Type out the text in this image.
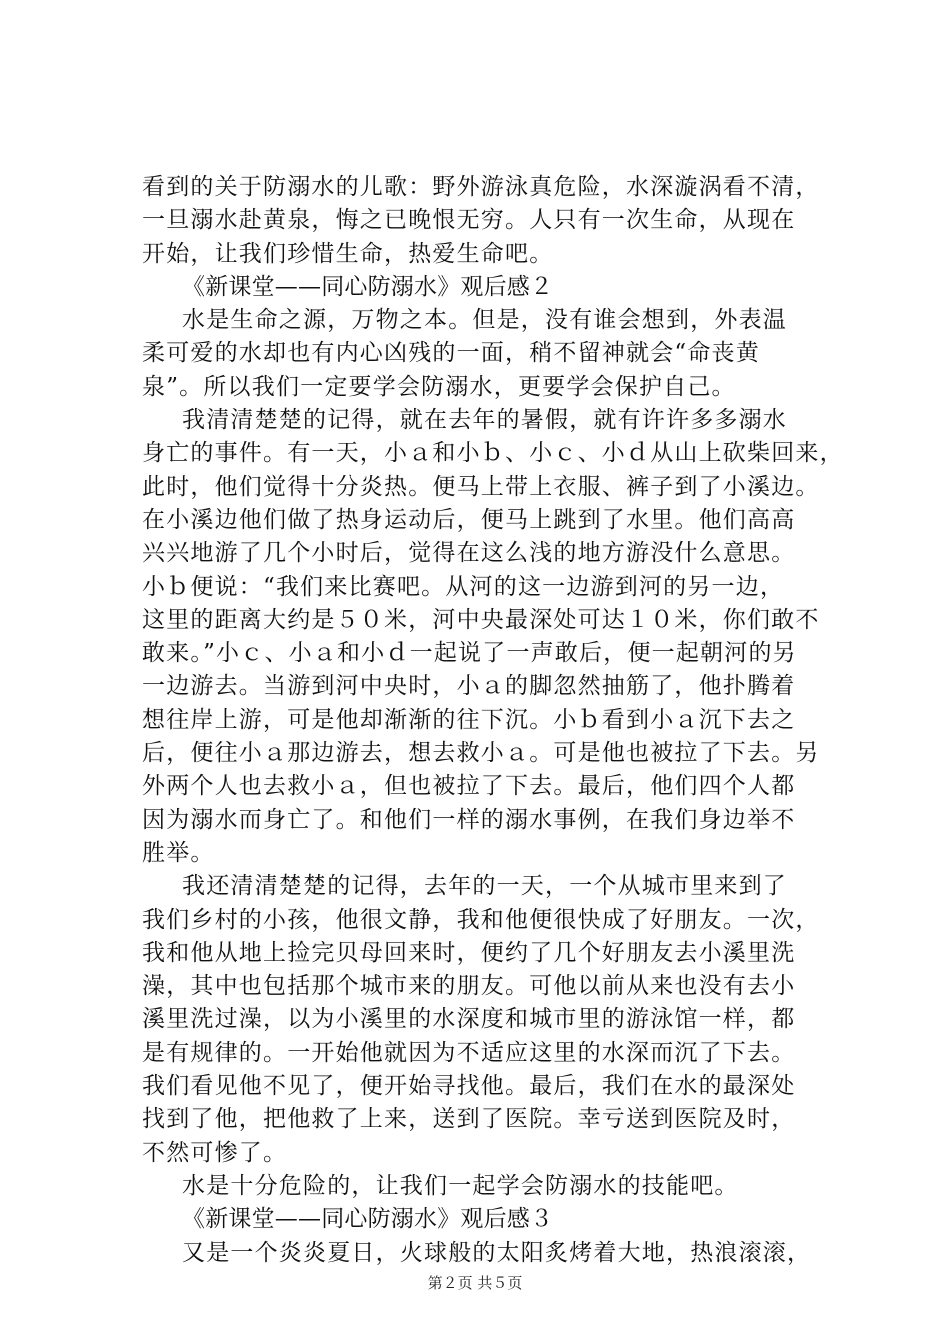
看到的关于防溺水的儿歌：野外游泳真危险，水深漩涡看不清，
一旦溺水赴黄泉，悔之已晚恨无穷。人只有一次生命，从现在
开始，让我们珍惜生命，热爱生命吧。
《新课堂——同心防溺水》观后感２
水是生命之源，万物之本。但是，没有谁会想到，外表温
柔可爱的水却也有内心凶残的一面，稍不留神就会“命丧黄
泉”。所以我们一定要学会防溺水，更要学会保护自己。
我清清楚楚的记得，就在去年的暑假，就有许许多多溺水
身亡的事件。有一天，小ａ和小ｂ、小ｃ、小ｄ从山上砍柴回来，
此时，他们觉得十分炎热。便马上带上衣服、裤子到了小溪边。
在小溪边他们做了热身运动后，便马上跳到了水里。他们高高
兴兴地游了几个小时后，觉得在这么浅的地方游没什么意思。
小ｂ便说：“我们来比赛吧。从河的这一边游到河的另一边，
这里的距离大约是５０米，河中央最深处可达１０米，你们敢不
敢来。”小ｃ、小ａ和小ｄ一起说了一声敢后，便一起朝河的另
一边游去。当游到河中央时，小ａ的脚忽然抽筋了，他扑腾着
想往岸上游，可是他却渐渐的往下沉。小ｂ看到小ａ沉下去之
后，便往小ａ那边游去，想去救小ａ。可是他也被拉了下去。另
外两个人也去救小ａ，但也被拉了下去。最后，他们四个人都
因为溺水而身亡了。和他们一样的溺水事例，在我们身边举不
胜举。
我还清清楚楚的记得，去年的一天，一个从城市里来到了
我们乡村的小孩，他很文静，我和他便很快成了好朋友。一次，
我和他从地上捡完贝母回来时，便约了几个好朋友去小溪里洗
澡，其中也包括那个城市来的朋友。可他以前从来也没有去小
溪里洗过澡，以为小溪里的水深度和城市里的游泳馆一样，都
是有规律的。一开始他就因为不适应这里的水深而沉了下去。
我们看见他不见了，便开始寻找他。最后，我们在水的最深处
找到了他，把他救了上来，送到了医院。幸亏送到医院及时，
不然可惨了。
水是十分危险的，让我们一起学会防溺水的技能吧。
《新课堂——同心防溺水》观后感３
又是一个炎炎夏日，火球般的太阳炙烤着大地，热浪滚滚，
第２页 共５页
